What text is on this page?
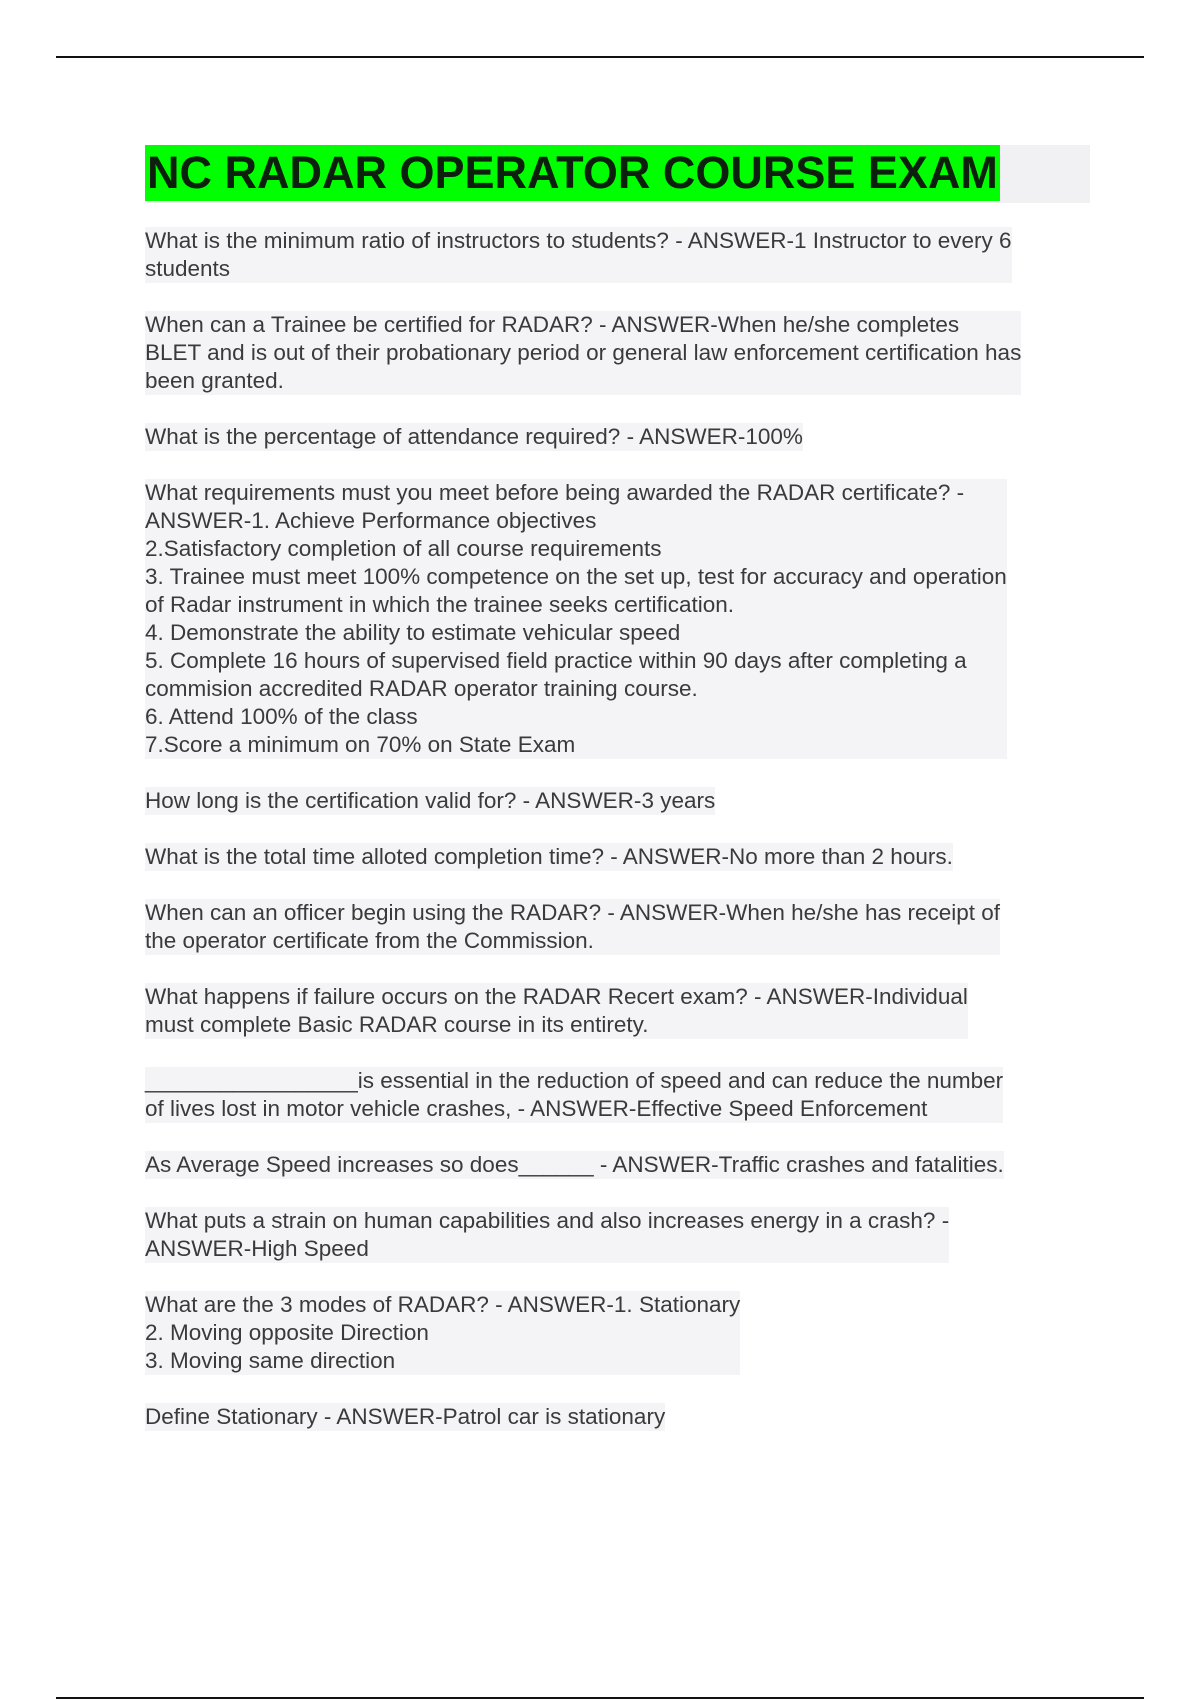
NC RADAR OPERATOR COURSE EXAM

What is the minimum ratio of instructors to students? - ANSWER-1 Instructor to every 6
students

When can a Trainee be certified for RADAR? - ANSWER-When he/she completes
BLET and is out of their probationary period or general law enforcement certification has
been granted.

What is the percentage of attendance required? - ANSWER-100%

What requirements must you meet before being awarded the RADAR certificate? -
ANSWER-1. Achieve Performance objectives
2.Satisfactory completion of all course requirements
3. Trainee must meet 100% competence on the set up, test for accuracy and operation
of Radar instrument in which the trainee seeks certification.
4. Demonstrate the ability to estimate vehicular speed
5. Complete 16 hours of supervised field practice within 90 days after completing a
commision accredited RADAR operator training course.
6. Attend 100% of the class
7.Score a minimum on 70% on State Exam

How long is the certification valid for? - ANSWER-3 years

What is the total time alloted completion time? - ANSWER-No more than 2 hours.

When can an officer begin using the RADAR? - ANSWER-When he/she has receipt of
the operator certificate from the Commission.

What happens if failure occurs on the RADAR Recert exam? - ANSWER-Individual
must complete Basic RADAR course in its entirety.

_________________is essential in the reduction of speed and can reduce the number
of lives lost in motor vehicle crashes, - ANSWER-Effective Speed Enforcement

As Average Speed increases so does______ - ANSWER-Traffic crashes and fatalities.

What puts a strain on human capabilities and also increases energy in a crash? -
ANSWER-High Speed

What are the 3 modes of RADAR? - ANSWER-1. Stationary
2. Moving opposite Direction
3. Moving same direction

Define Stationary - ANSWER-Patrol car is stationary
